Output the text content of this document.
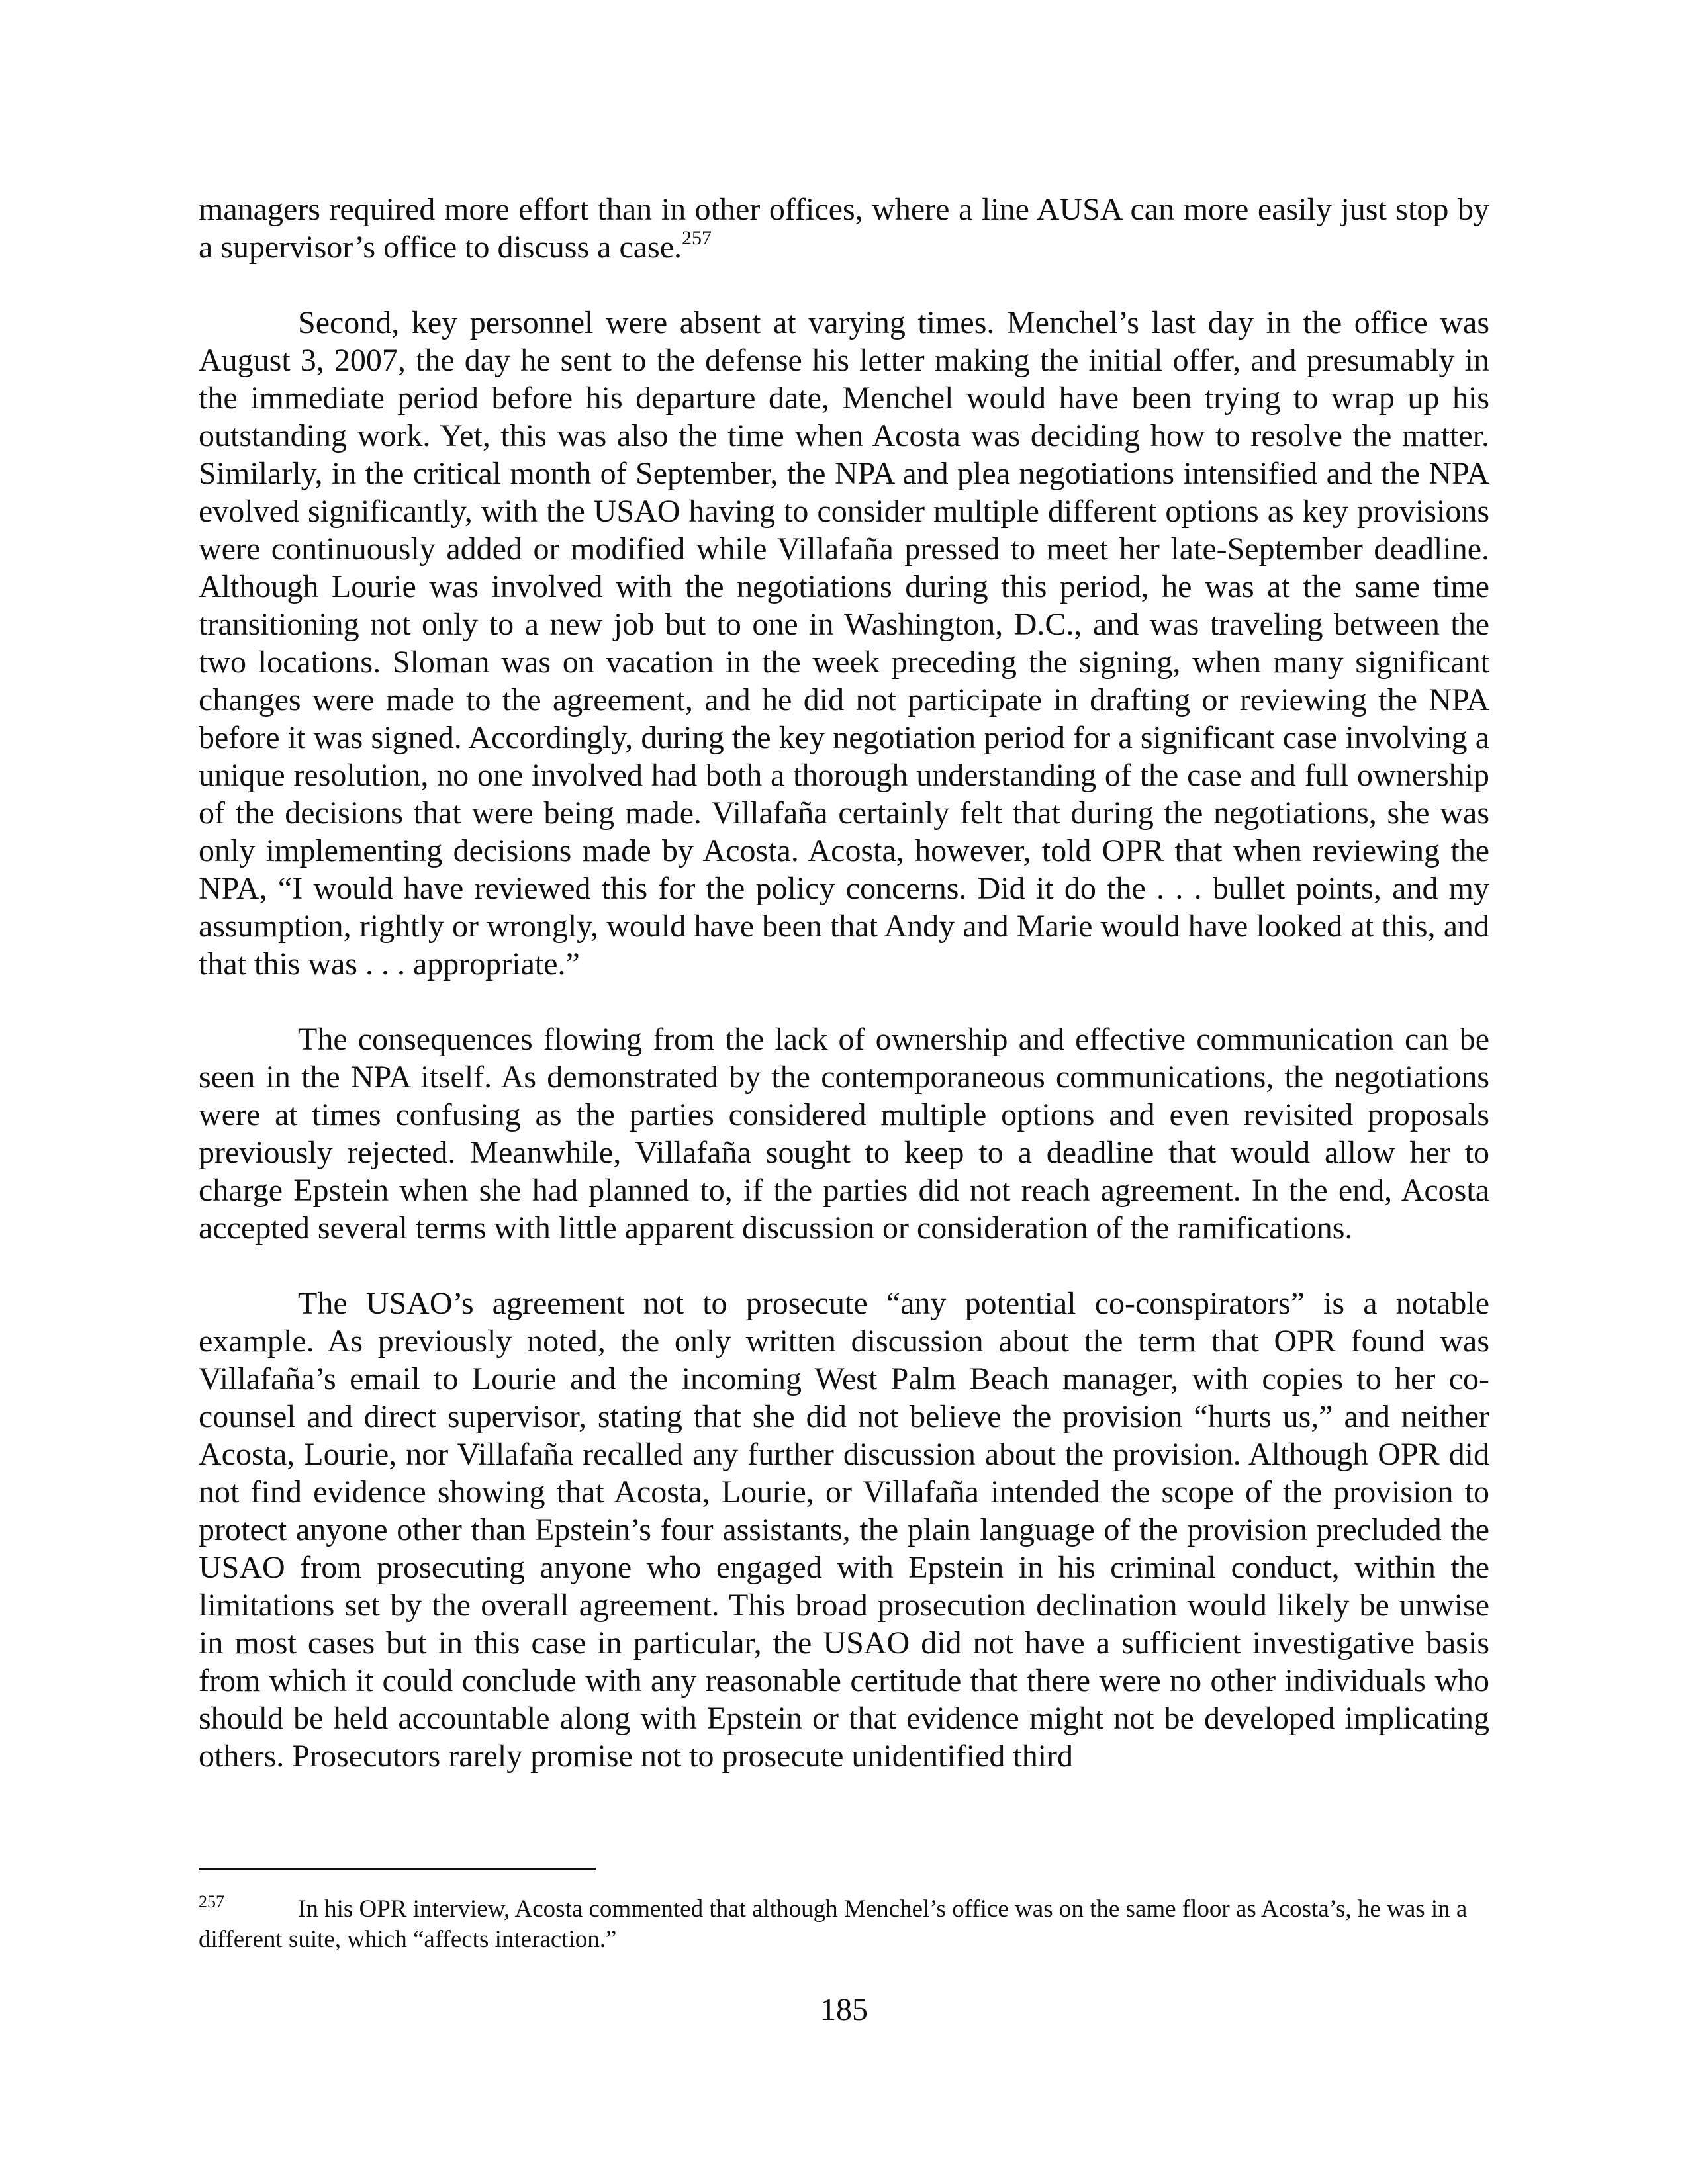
managers required more effort than in other offices, where a line AUSA can more easily just stop by a supervisor’s office to discuss a case.$^{257}$

Second, key personnel were absent at varying times. Menchel’s last day in the office was August 3, 2007, the day he sent to the defense his letter making the initial offer, and presumably in the immediate period before his departure date, Menchel would have been trying to wrap up his outstanding work. Yet, this was also the time when Acosta was deciding how to resolve the matter. Similarly, in the critical month of September, the NPA and plea negotiations intensified and the NPA evolved significantly, with the USAO having to consider multiple different options as key provisions were continuously added or modified while Villafaña pressed to meet her late-September deadline. Although Lourie was involved with the negotiations during this period, he was at the same time transitioning not only to a new job but to one in Washington, D.C., and was traveling between the two locations. Sloman was on vacation in the week preceding the signing, when many significant changes were made to the agreement, and he did not participate in drafting or reviewing the NPA before it was signed. Accordingly, during the key negotiation period for a significant case involving a unique resolution, no one involved had both a thorough understanding of the case and full ownership of the decisions that were being made. Villafaña certainly felt that during the negotiations, she was only implementing decisions made by Acosta. Acosta, however, told OPR that when reviewing the NPA, “I would have reviewed this for the policy concerns. Did it do the . . . bullet points, and my assumption, rightly or wrongly, would have been that Andy and Marie would have looked at this, and that this was . . . appropriate.”

The consequences flowing from the lack of ownership and effective communication can be seen in the NPA itself. As demonstrated by the contemporaneous communications, the negotiations were at times confusing as the parties considered multiple options and even revisited proposals previously rejected. Meanwhile, Villafaña sought to keep to a deadline that would allow her to charge Epstein when she had planned to, if the parties did not reach agreement. In the end, Acosta accepted several terms with little apparent discussion or consideration of the ramifications.

The USAO’s agreement not to prosecute “any potential co-conspirators” is a notable example. As previously noted, the only written discussion about the term that OPR found was Villafaña’s email to Lourie and the incoming West Palm Beach manager, with copies to her co-counsel and direct supervisor, stating that she did not believe the provision “hurts us,” and neither Acosta, Lourie, nor Villafaña recalled any further discussion about the provision. Although OPR did not find evidence showing that Acosta, Lourie, or Villafaña intended the scope of the provision to protect anyone other than Epstein’s four assistants, the plain language of the provision precluded the USAO from prosecuting anyone who engaged with Epstein in his criminal conduct, within the limitations set by the overall agreement. This broad prosecution declination would likely be unwise in most cases but in this case in particular, the USAO did not have a sufficient investigative basis from which it could conclude with any reasonable certitude that there were no other individuals who should be held accountable along with Epstein or that evidence might not be developed implicating others. Prosecutors rarely promise not to prosecute unidentified third

257	In his OPR interview, Acosta commented that although Menchel’s office was on the same floor as Acosta’s, he was in a different suite, which “affects interaction.”
185
